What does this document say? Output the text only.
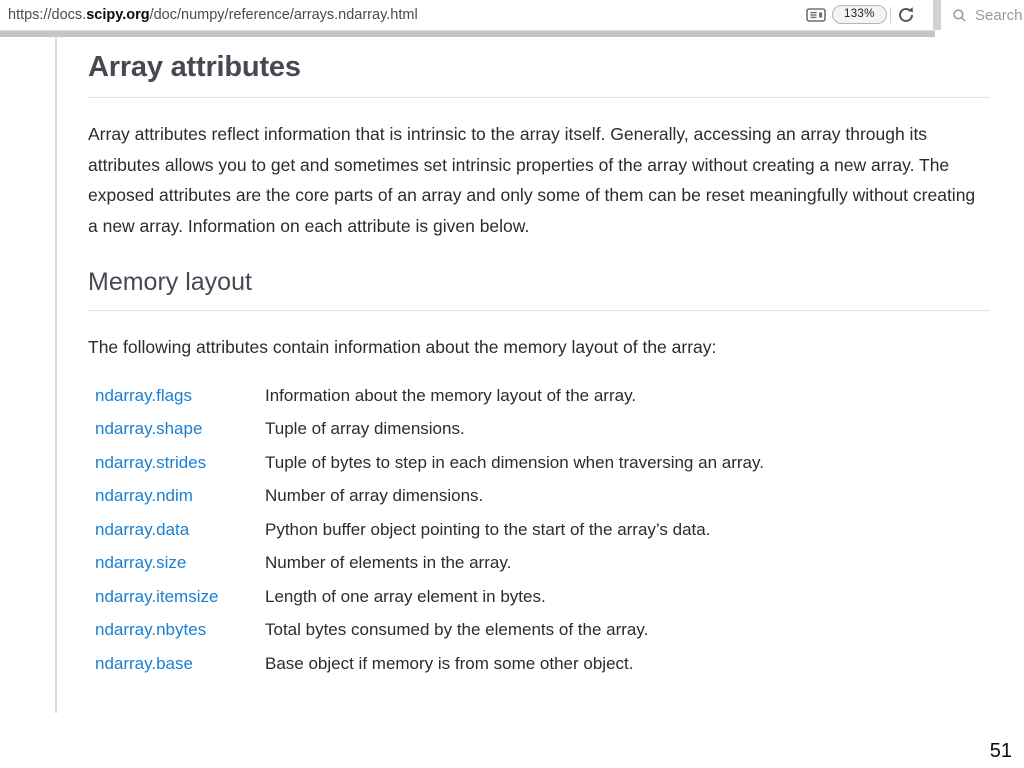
https://docs. scipy.org /doc/numpy/reference/arrays.ndarray.html	133%	Search
Array attributes

Array attributes reflect information that is intrinsic to the array itself. Generally, accessing an array through its attributes allows you to get and sometimes set intrinsic properties of the array without creating a new array. The exposed attributes are the core parts of an array and only some of them can be reset meaningfully without creating a new array. Information on each attribute is given below.

Memory layout

The following attributes contain information about the memory layout of the array:

ndarray.flags	Information about the memory layout of the array.
ndarray.shape	Tuple of array dimensions.
ndarray.strides	Tuple of bytes to step in each dimension when traversing an array.
ndarray.ndim	Number of array dimensions.
ndarray.data	Python buffer object pointing to the start of the array’s data.
ndarray.size	Number of elements in the array.
ndarray.itemsize	Length of one array element in bytes.
ndarray.nbytes	Total bytes consumed by the elements of the array.
ndarray.base	Base object if memory is from some other object.
51
